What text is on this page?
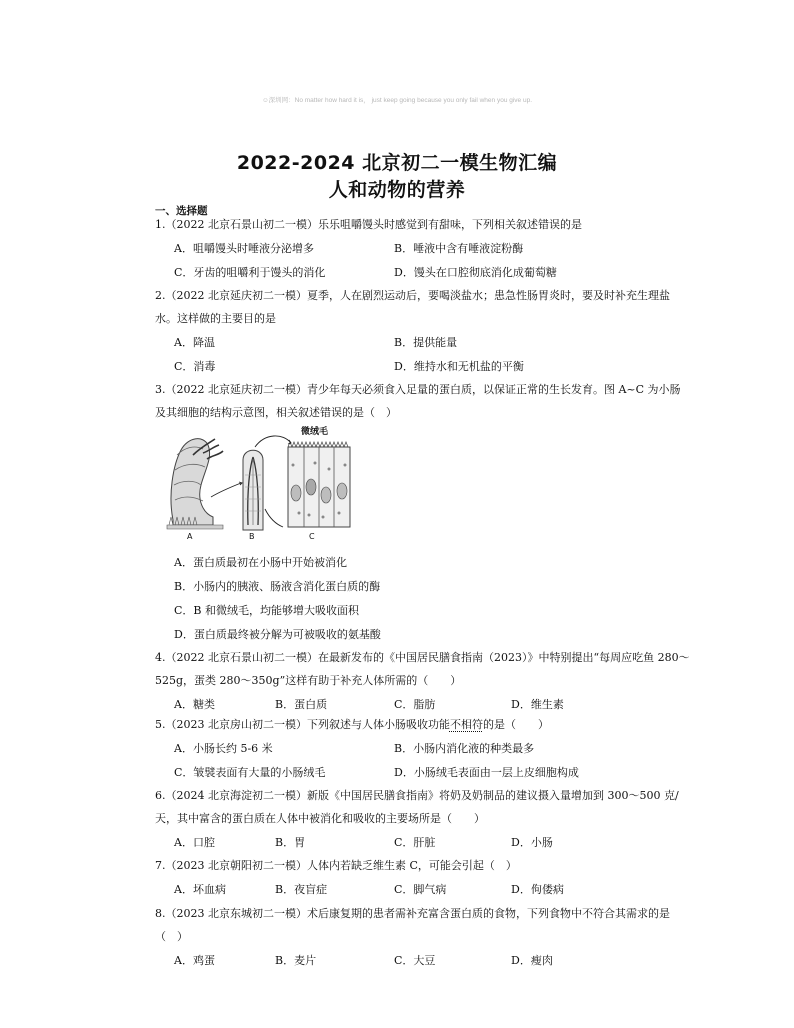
☺深圳网：No matter how hard it is， just keep going because you only fail when you give up.
2022-2024 北京初二一模生物汇编
人和动物的营养
一、选择题
1.（2022 北京石景山初二一模）乐乐咀嚼馒头时感觉到有甜味，下列相关叙述错误的是
A．咀嚼馒头时唾液分泌增多	B．唾液中含有唾液淀粉酶
C．牙齿的咀嚼利于馒头的消化	D．馒头在口腔彻底消化成葡萄糖
2.（2022 北京延庆初二一模）夏季，人在剧烈运动后，要喝淡盐水；患急性肠胃炎时，要及时补充生理盐
水。这样做的主要目的是
A．降温	B．提供能量
C．消毒	D．维持水和无机盐的平衡
3.（2022 北京延庆初二一模）青少年每天必须食入足量的蛋白质，以保证正常的生长发育。图 A~C 为小肠
及其细胞的结构示意图，相关叙述错误的是（　）
微绒毛
A	B	C
A．蛋白质最初在小肠中开始被消化
B．小肠内的胰液、肠液含消化蛋白质的酶
C．B 和微绒毛，均能够增大吸收面积
D．蛋白质最终被分解为可被吸收的氨基酸
4.（2022 北京石景山初二一模）在最新发布的《中国居民膳食指南（2023）》中特别提出“每周应吃鱼 280～
525g，蛋类 280～350g”这样有助于补充人体所需的（　　）
A．糖类	B．蛋白质	C．脂肪	D．维生素
5.（2023 北京房山初二一模）下列叙述与人体小肠吸收功能不相符的是（　　）
A．小肠长约 5-6 米	B．小肠内消化液的种类最多
C．皱襞表面有大量的小肠绒毛	D．小肠绒毛表面由一层上皮细胞构成
6.（2024 北京海淀初二一模）新版《中国居民膳食指南》将奶及奶制品的建议摄入量增加到 300～500 克/
天，其中富含的蛋白质在人体中被消化和吸收的主要场所是（　　）
A．口腔	B．胃	C．肝脏	D．小肠
7.（2023 北京朝阳初二一模）人体内若缺乏维生素 C，可能会引起（　）
A．坏血病	B．夜盲症	C．脚气病	D．佝偻病
8.（2023 北京东城初二一模）术后康复期的患者需补充富含蛋白质的食物，下列食物中不符合其需求的是
（　）
A．鸡蛋	B．麦片	C．大豆	D．瘦肉
